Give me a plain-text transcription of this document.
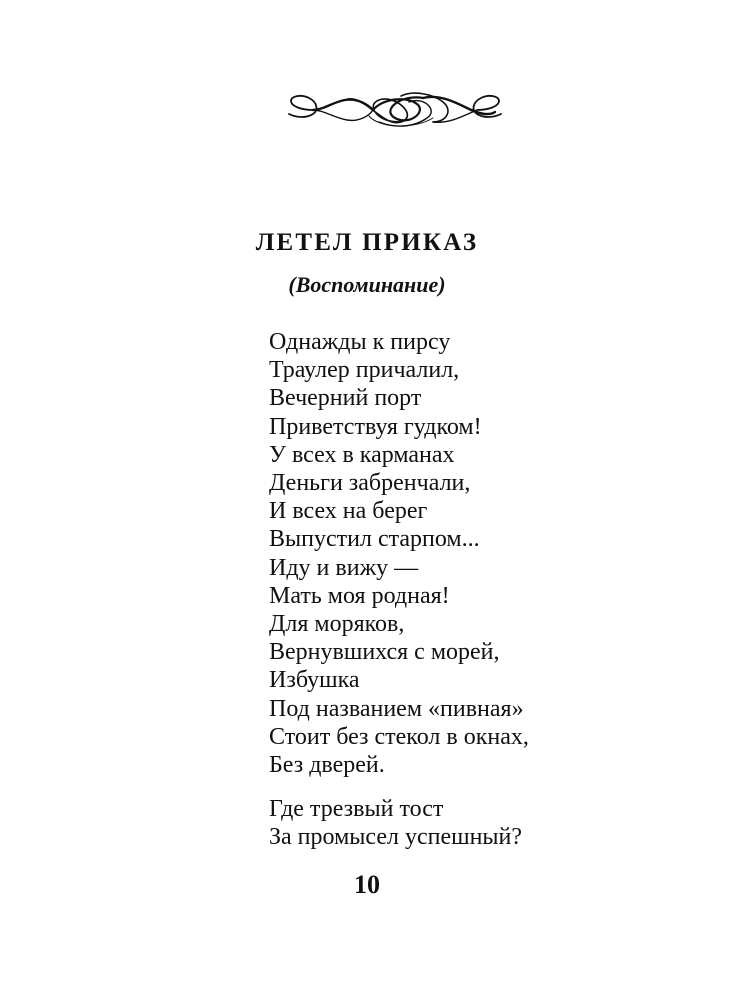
ЛЕТЕЛ ПРИКАЗ
(Воспоминание)
Однажды к пирсу
Траулер причалил,
Вечерний порт
Приветствуя гудком!
У всех в карманах
Деньги забренчали,
И всех на берег
Выпустил старпом...
Иду и вижу —
Мать моя родная!
Для моряков,
Вернувшихся с морей,
Избушка
Под названием «пивная»
Стоит без стекол в окнах,
Без дверей.
Где трезвый тост
За промысел успешный?
10
